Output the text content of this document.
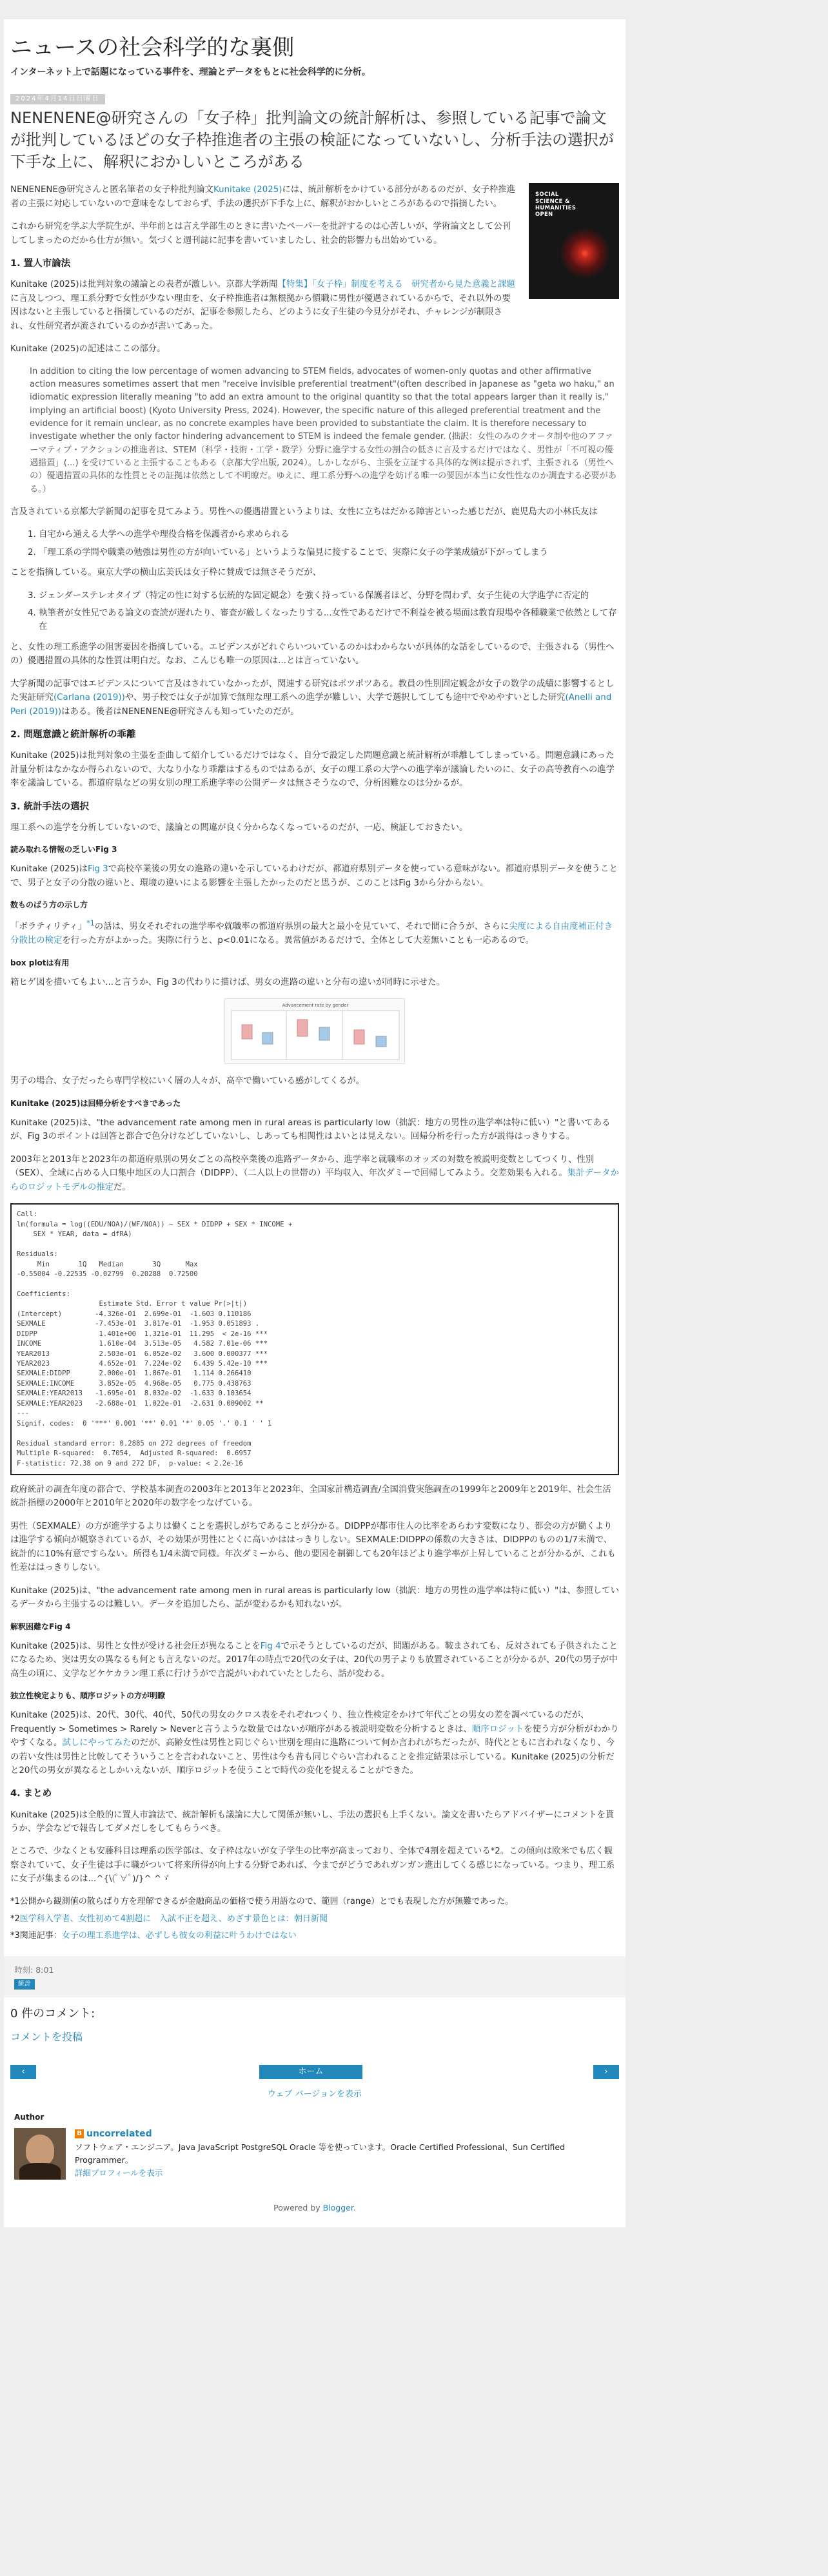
ニュースの社会科学的な裏側
インターネット上で話題になっている事件を、理論とデータをもとに社会科学的に分析。
2024年4月14日日曜日
NENENENE@研究さんの「女子枠」批判論文の統計解析は、参照している記事で論文が批判しているほどの女子枠推進者の主張の検証になっていないし、分析手法の選択が下手な上に、解釈におかしいところがある
SOCIAL SCIENCE & HUMANITIES OPEN

NENENENE@研究さんと匿名筆者の女子枠批判論文Kunitake (2025)には、統計解析をかけている部分があるのだが、女子枠推進者の主張に対応していないので意味をなしておらず、手法の選択が下手な上に、解釈がおかしいところがあるので指摘したい。

これから研究を学ぶ大学院生が、半年前とは言え学部生のときに書いたペーパーを批評するのは心苦しいが、学術論文として公刊してしまったのだから仕方が無い。気づくと週刊誌に記事を書いていましたし、社会的影響力も出始めている。

1. 置人市論法

Kunitake (2025)は批判対象の議論との表者が激しい。京都大学新聞【特集】「女子枠」制度を考える　研究者から見た意義と課題に言及しつつ、理工系分野で女性が少ない理由を、女子枠推進者は無根拠から慣職に男性が優遇されているからで、それ以外の要因はないと主張していると指摘しているのだが、記事を参照したら、どのように女子生徒の今見分がそれ、チャレンジが制限され、女性研究者が流されているのかが書いてあった。

Kunitake (2025)の記述はここの部分。

In addition to citing the low percentage of women advancing to STEM fields, advocates of women-only quotas and other affirmative action measures sometimes assert that men "receive invisible preferential treatment"(often described in Japanese as "geta wo haku," an idiomatic expression literally meaning "to add an extra amount to the original quantity so that the total appears larger than it really is," implying an artificial boost) (Kyoto University Press, 2024). However, the specific nature of this alleged preferential treatment and the evidence for it remain unclear, as no concrete examples have been provided to substantiate the claim. It is therefore necessary to investigate whether the only factor hindering advancement to STEM is indeed the female gender. (拙訳：女性のみのクオータ制や他のアファーマティブ・アクションの推進者は、STEM（科学・技術・工学・数学）分野に進学する女性の割合の低さに言及するだけではなく、男性が「不可視の優遇措置」(...) を受けていると主張することもある（京都大学出版, 2024）。しかしながら、主張を立証する具体的な例は提示されず、主張される（男性への）優遇措置の具体的な性質とその証拠は依然として不明瞭だ。ゆえに、理工系分野への進学を妨げる唯一の要因が本当に女性性なのか調査する必要がある。）

言及されている京都大学新聞の記事を見てみよう。男性への優遇措置というよりは、女性に立ちはだかる障害といった感じだが、鹿児島大の小林氏友は

1. 自宅から通える大学への進学や理役合格を保護者から求められる
2. 「理工系の学問や職業の勉強は男性の方が向いている」というような偏見に接することで、実際に女子の学業成績が下がってしまう

ことを指摘している。東京大学の横山広美氏は女子枠に賛成では無さそうだが、

3. ジェンダーステレオタイプ（特定の性に対する伝統的な固定観念）を強く持っている保護者ほど、分野を問わず、女子生徒の大学進学に否定的
4. 執筆者が女性兄である論文の査読が遅れたり、審査が厳しくなったりする...女性であるだけで不利益を被る場面は教育現場や各種職業で依然として存在

と、女性の理工系進学の阻害要因を指摘している。エビデンスがどれぐらいついているのかはわからないが具体的な話をしているので、主張される（男性への）優遇措置の具体的な性質は明白だ。なお、こんじも唯一の原因は...とは言っていない。

大学新聞の記事ではエビデンスについて言及はされていなかったが、関連する研究はポツポツある。教員の性別固定観念が女子の数学の成績に影響するとした実証研究(Carlana (2019))や、男子校では女子が加算で無理な理工系への進学が難しい、大学で選択してしても途中でやめやすいとした研究(Anelli and Peri (2019))はある。後者はNENENENE@研究さんも知っていたのだが。

2. 問題意識と統計解析の乖離

Kunitake (2025)は批判対象の主張を歪曲して紹介しているだけではなく、自分で設定した問題意識と統計解析が乖離してしまっている。問題意識にあった計量分析はなかなか得られないので、大なり小なり乖離はするものではあるが、女子の理工系の大学への進学率が議論したいのに、女子の高等教育への進学率を議論している。都道府県などの男女別の理工系進学率の公開データは無さそうなので、分析困難なのは分かるが。

3. 統計手法の選択

理工系への進学を分析していないので、議論との間違が良く分からなくなっているのだが、一応、検証しておきたい。

読み取れる情報の乏しいFig 3

Kunitake (2025)はFig 3で高校卒業後の男女の進路の違いを示しているわけだが、都道府県別データを使っている意味がない。都道府県別データを使うことで、男子と女子の分散の違いと、環境の違いによる影響を主張したかったのだと思うが、このことはFig 3から分からない。

数ものばう方の示し方

「ボラティリティ」$^{*1}$の話は、男女それぞれの進学率や就職率の都道府県別の最大と最小を見ていて、それで間に合うが、さらに尖度による自由度補正付き分散比の検定を行った方がよかった。実際に行うと、p<0.01になる。異常値があるだけで、全体として大差無いことも一応あるので。

box plotは有用

箱ヒゲ図を描いてもよい...と言うか、Fig 3の代わりに描けば、男女の進路の違いと分布の違いが同時に示せた。

Advancement rate by gender

男子の場合、女子だったら専門学校にいく層の人々が、高卒で働いている感がしてくるが。

Kunitake (2025)は回帰分析をすべきであった

Kunitake (2025)は、"the advancement rate among men in rural areas is particularly low（拙訳：地方の男性の進学率は特に低い）"と書いてあるが、Fig 3のポイントは回答と都合で色分けなどしていないし、しあっても相関性はよいとは見えない。回帰分析を行った方が説得はっきりする。

2003年と2013年と2023年の都道府県別の男女ごとの高校卒業後の進路データから、進学率と就職率のオッズの対数を被説明変数としてつくり、性別（SEX）、全域に占める人口集中地区の人口割合（DIDPP）、（二人以上の世帯の）平均収入、年次ダミーで回帰してみよう。交差効果も入れる。集計データからのロジットモデルの推定だ。

Call:
lm(formula = log((EDU/NOA)/(WF/NOA)) ~ SEX * DIDPP + SEX * INCOME +
SEX * YEAR, data = dfRA)

Residuals:
Min       1Q   Median       3Q      Max
-0.55004 -0.22535 -0.02799  0.20288  0.72500

Coefficients:
Estimate Std. Error t value Pr(>|t|)
(Intercept)        -4.326e-01  2.699e-01  -1.603 0.110186
SEXMALE            -7.453e-01  3.817e-01  -1.953 0.051893 .
DIDPP               1.401e+00  1.321e-01  11.295  < 2e-16 ***
INCOME              1.610e-04  3.513e-05   4.582 7.01e-06 ***
YEAR2013            2.503e-01  6.052e-02   3.600 0.000377 ***
YEAR2023            4.652e-01  7.224e-02   6.439 5.42e-10 ***
SEXMALE:DIDPP       2.000e-01  1.867e-01   1.114 0.266410
SEXMALE:INCOME      3.852e-05  4.968e-05   0.775 0.438763
SEXMALE:YEAR2013   -1.695e-01  8.032e-02  -1.633 0.103654
SEXMALE:YEAR2023   -2.688e-01  1.022e-01  -2.631 0.009002 **
---
Signif. codes:  0 '***' 0.001 '**' 0.01 '*' 0.05 '.' 0.1 ' ' 1

Residual standard error: 0.2885 on 272 degrees of freedom
Multiple R-squared:  0.7054,  Adjusted R-squared:  0.6957
F-statistic: 72.38 on 9 and 272 DF,  p-value: < 2.2e-16

政府統計の調査年度の都合で、学校基本調査の2003年と2013年と2023年、全国家計構造調査/全国消費実態調査の1999年と2009年と2019年、社会生活統計指標の2000年と2010年と2020年の数字をつなげている。

男性（SEXMALE）の方が進学するよりは働くことを選択しがちであることが分かる。DIDPPが都市住人の比率をあらわす変数になり、都会の方が働くよりは進学する傾向が観察されているが、その効果が男性にとくに高いかははっきりしない。SEXMALE:DIDPPの係数の大きさは、DIDPPのものの1/7未満で、統計的に10%有意ですらない。所得も1/4未満で同様。年次ダミーから、他の要因を制御しても20年ほどより進学率が上昇していることが分かるが、これも性差ははっきりしない。

Kunitake (2025)は、"the advancement rate among men in rural areas is particularly low（拙訳：地方の男性の進学率は特に低い）"は、参照しているデータから主張するのは難しい。データを追加したら、話が変わるかも知れないが。

解釈困難なFig 4

Kunitake (2025)は、男性と女性が受ける社会圧が異なることをFig 4で示そうとしているのだが、問題がある。鞍まされても、反対されても子供されたことになるため、実は男女の異なるも何とも言えないのだ。2017年の時点で20代の女子は、20代の男子よりも放置されていることが分かるが、20代の男子が中高生の頃に、文学などケケカラン理工系に行けうがで言説がいわれていたとしたら、話が変わる。

独立性検定よりも、順序ロジットの方が明瞭

Kunitake (2025)は、20代、30代、40代、50代の男女のクロス表をそれぞれつくり、独立性検定をかけて年代ごとの男女の差を調べているのだが、Frequently > Sometimes > Rarely > Neverと言うような数量ではないが順序がある被説明変数を分析するときは、順序ロジットを使う方が分析がわかりやすくなる。試しにやってみたのだが、高齢女性は男性と同じぐらい世別を理由に進路について何か言われがちだったが、時代とともに言われなくなり、今の若い女性は男性と比較してそういうことを言われないこと、男性は今も昔も同じぐらい言われることを推定結果は示している。Kunitake (2025)の分析だと20代の男女が異なるとしかいえないが、順序ロジットを使うことで時代の変化を捉えることができた。

4. まとめ

Kunitake (2025)は全般的に置人市論法で、統計解析も議論に大して関係が無いし、手法の選択も上手くない。論文を書いたらアドバイザーにコメントを貰うか、学会などで報告してダメだしをしてもらうべき。

ところで、少なくとも安藤科目は理系の医学部は、女子枠はないが女子学生の比率が高まっており、全体で4割を超えている*2。この傾向は欧米でも広く観察されていて、女子生徒は手に職がついて将来所得が向上する分野であれば、今までがどうであれガンガン進出してくる感じになっている。つまり、理工系に女子が集まるのは...^{\(ﾟ∀ﾟ)/}^ ^ゞ

*1公開から観測値の散らばり方を理解できるが金融商品の価格で使う用語なので、範囲（range）とでも表現した方が無難であった。
*2医学科入学者、女性初めて4割超に　入試不正を超え、めざす景色とは：朝日新聞
*3関連記事：女子の理工系進学は、必ずしも彼女の利益に叶うわけではない
時刻: 8:01
統計
0 件のコメント:
コメントを投稿
‹	ホーム	›
ウェブ バージョンを表示
Author
B uncorrelated
ソフトウェア・エンジニア。Java JavaScript PostgreSQL Oracle 等を使っています。Oracle Certified Professional、Sun Certified Programmer。
詳細プロフィールを表示
Powered by Blogger.
